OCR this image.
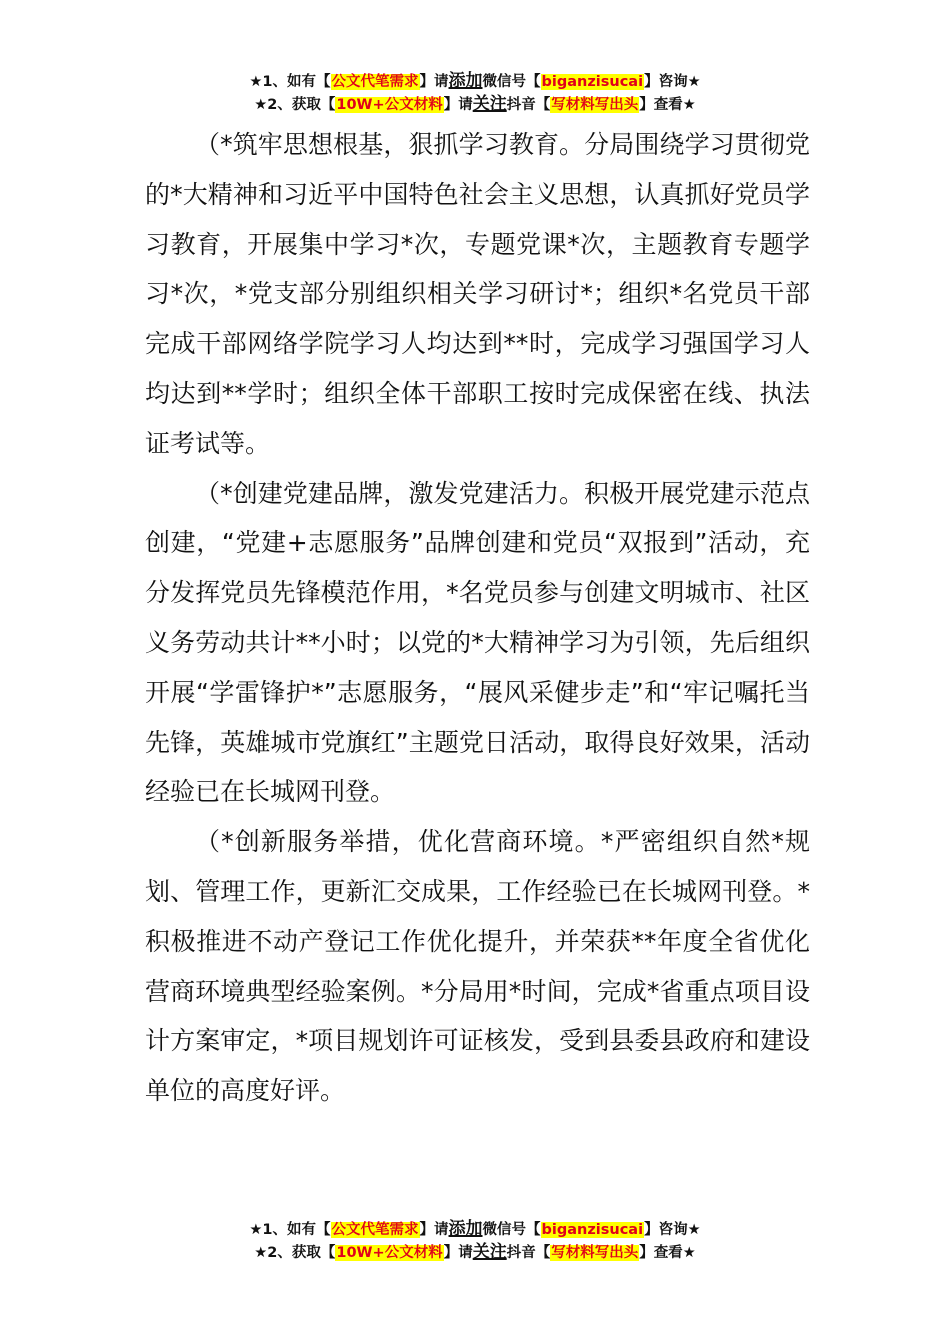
★1、如有【公文代笔需求】请添加微信号【biganzisucai】咨询★
★2、获取【10W+公文材料】请关注抖音【写材料写出头】查看★

（*筑牢思想根基，狠抓学习教育。分局围绕学习贯彻党的*大精神和习近平中国特色社会主义思想，认真抓好党员学习教育，开展集中学习*次，专题党课*次，主题教育专题学习*次，*党支部分别组织相关学习研讨*；组织*名党员干部完成干部网络学院学习人均达到**时，完成学习强国学习人均达到**学时；组织全体干部职工按时完成保密在线、执法证考试等。

（*创建党建品牌，激发党建活力。积极开展党建示范点创建，“党建+志愿服务”品牌创建和党员“双报到”活动，充分发挥党员先锋模范作用，*名党员参与创建文明城市、社区义务劳动共计**小时；以党的*大精神学习为引领，先后组织开展“学雷锋护*”志愿服务，“展风采健步走”和“牢记嘱托当先锋，英雄城市党旗红”主题党日活动，取得良好效果，活动经验已在长城网刊登。

（*创新服务举措，优化营商环境。*严密组织自然*规划、管理工作，更新汇交成果，工作经验已在长城网刊登。*积极推进不动产登记工作优化提升，并荣获**年度全省优化营商环境典型经验案例。*分局用*时间，完成*省重点项目设计方案审定，*项目规划许可证核发，受到县委县政府和建设单位的高度好评。

★1、如有【公文代笔需求】请添加微信号【biganzisucai】咨询★
★2、获取【10W+公文材料】请关注抖音【写材料写出头】查看★
